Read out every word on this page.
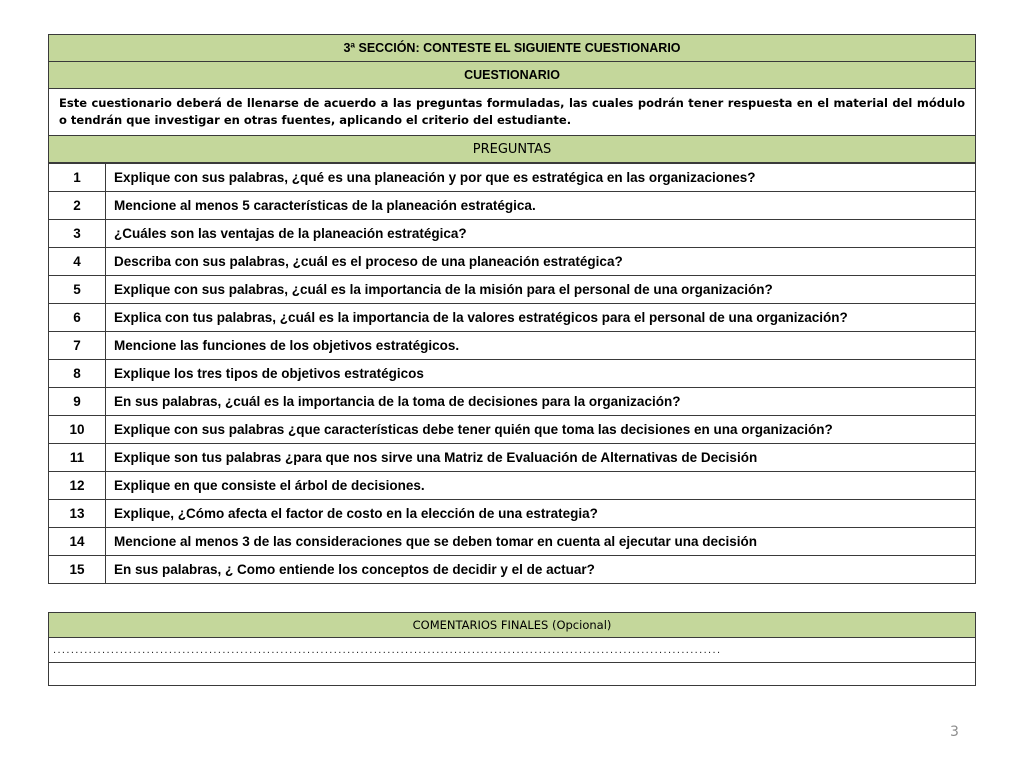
3ª SECCIÓN: CONTESTE EL SIGUIENTE CUESTIONARIO
CUESTIONARIO
Este cuestionario deberá de llenarse de acuerdo a las preguntas formuladas, las cuales podrán tener respuesta en el material del módulo o tendrán que investigar en otras fuentes, aplicando el criterio del estudiante.
PREGUNTAS
1	Explique con sus palabras, ¿qué es una planeación y por que es estratégica en las organizaciones?
2	Mencione al menos 5 características de la planeación estratégica.
3	¿Cuáles son las ventajas de la planeación estratégica?
4	Describa con sus palabras, ¿cuál es el proceso de una planeación estratégica?
5	Explique con sus palabras, ¿cuál es la importancia de la misión para el personal de una organización?
6	Explica con tus palabras, ¿cuál es la importancia de la valores estratégicos para el personal de una organización?
7	Mencione las funciones de los objetivos estratégicos.
8	Explique los tres tipos de objetivos estratégicos
9	En sus palabras, ¿cuál es la importancia de la toma de decisiones para la organización?
10	Explique con sus palabras ¿que características debe tener quién que toma las decisiones en una organización?
11	Explique son tus palabras ¿para que nos sirve una Matriz de Evaluación de Alternativas de Decisión
12	Explique en que consiste el árbol de decisiones.
13	Explique, ¿Cómo afecta el factor de costo en la elección de una estrategia?
14	Mencione al menos 3 de las consideraciones que se deben tomar en cuenta al ejecutar una decisión
15	En sus palabras, ¿ Como entiende los conceptos de decidir y el de actuar?
COMENTARIOS FINALES (Opcional)
......................................................................................................................................................

3
